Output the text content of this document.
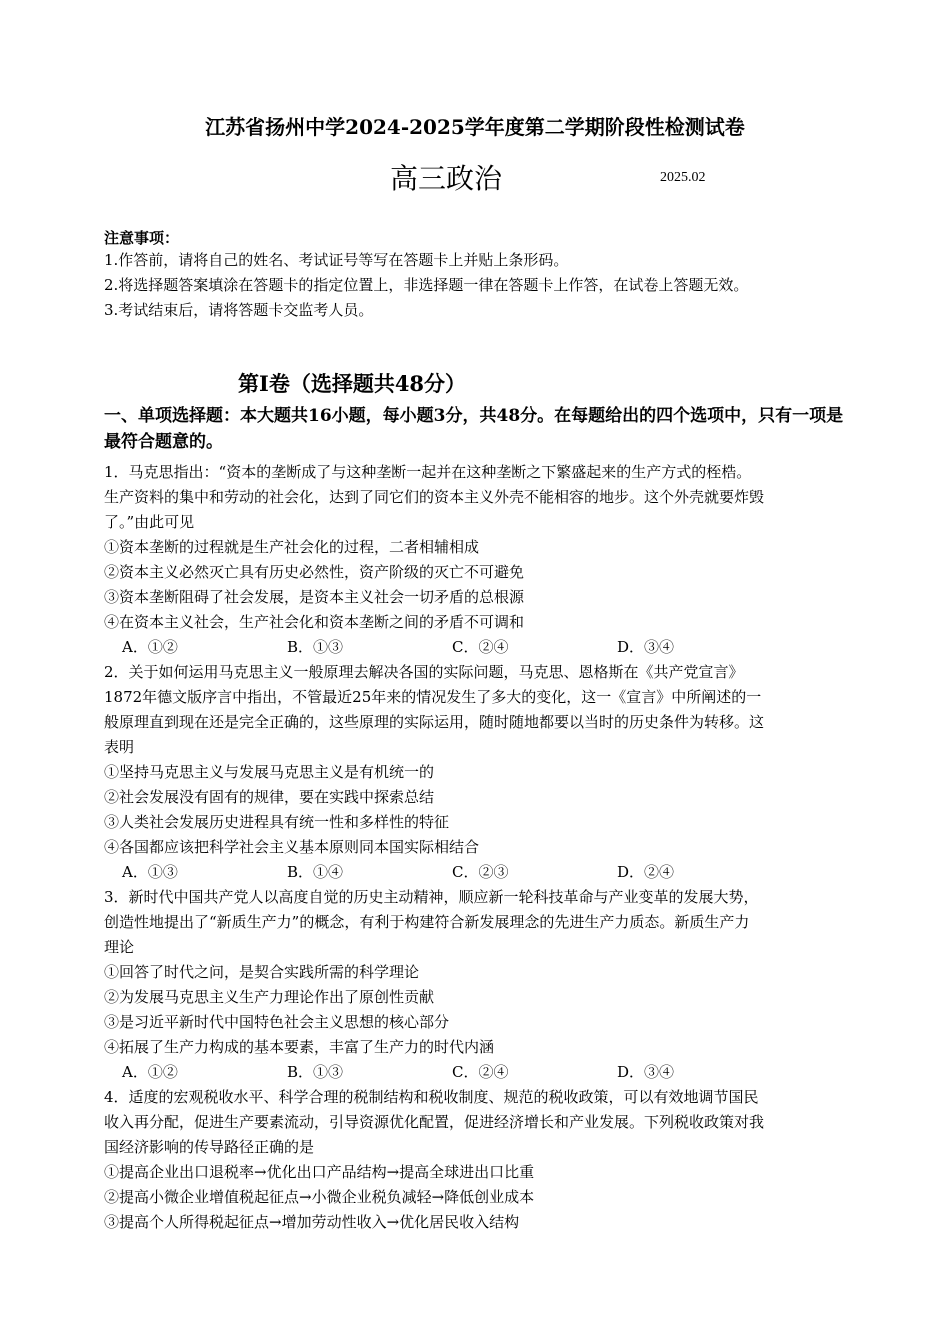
江苏省扬州中学2024-2025学年度第二学期阶段性检测试卷
高三政治	2025.02
注意事项：
1.作答前，请将自己的姓名、考试证号等写在答题卡上并贴上条形码。
2.将选择题答案填涂在答题卡的指定位置上，非选择题一律在答题卡上作答，在试卷上答题无效。
3.考试结束后，请将答题卡交监考人员。
第Ⅰ卷（选择题共48分）
一、单项选择题：本大题共16小题，每小题3分，共48分。在每题给出的四个选项中，只有一项是最符合题意的。
1．马克思指出：“资本的垄断成了与这种垄断一起并在这种垄断之下繁盛起来的生产方式的桎梏。
生产资料的集中和劳动的社会化，达到了同它们的资本主义外壳不能相容的地步。这个外壳就要炸毁
了。”由此可见
①资本垄断的过程就是生产社会化的过程，二者相辅相成
②资本主义必然灭亡具有历史必然性，资产阶级的灭亡不可避免
③资本垄断阻碍了社会发展，是资本主义社会一切矛盾的总根源
④在资本主义社会，生产社会化和资本垄断之间的矛盾不可调和
A．①②	B．①③	C．②④	D．③④
2．关于如何运用马克思主义一般原理去解决各国的实际问题，马克思、恩格斯在《共产党宣言》
1872年德文版序言中指出，不管最近25年来的情况发生了多大的变化，这一《宣言》中所阐述的一
般原理直到现在还是完全正确的，这些原理的实际运用，随时随地都要以当时的历史条件为转移。这
表明
①坚持马克思主义与发展马克思主义是有机统一的
②社会发展没有固有的规律，要在实践中探索总结
③人类社会发展历史进程具有统一性和多样性的特征
④各国都应该把科学社会主义基本原则同本国实际相结合
A．①③	B．①④	C．②③	D．②④
3．新时代中国共产党人以高度自觉的历史主动精神，顺应新一轮科技革命与产业变革的发展大势，
创造性地提出了“新质生产力”的概念，有利于构建符合新发展理念的先进生产力质态。新质生产力
理论
①回答了时代之问，是契合实践所需的科学理论
②为发展马克思主义生产力理论作出了原创性贡献
③是习近平新时代中国特色社会主义思想的核心部分
④拓展了生产力构成的基本要素，丰富了生产力的时代内涵
A．①②	B．①③	C．②④	D．③④
4．适度的宏观税收水平、科学合理的税制结构和税收制度、规范的税收政策，可以有效地调节国民
收入再分配，促进生产要素流动，引导资源优化配置，促进经济增长和产业发展。下列税收政策对我
国经济影响的传导路径正确的是
①提高企业出口退税率→优化出口产品结构→提高全球进出口比重
②提高小微企业增值税起征点→小微企业税负减轻→降低创业成本
③提高个人所得税起征点→增加劳动性收入→优化居民收入结构
